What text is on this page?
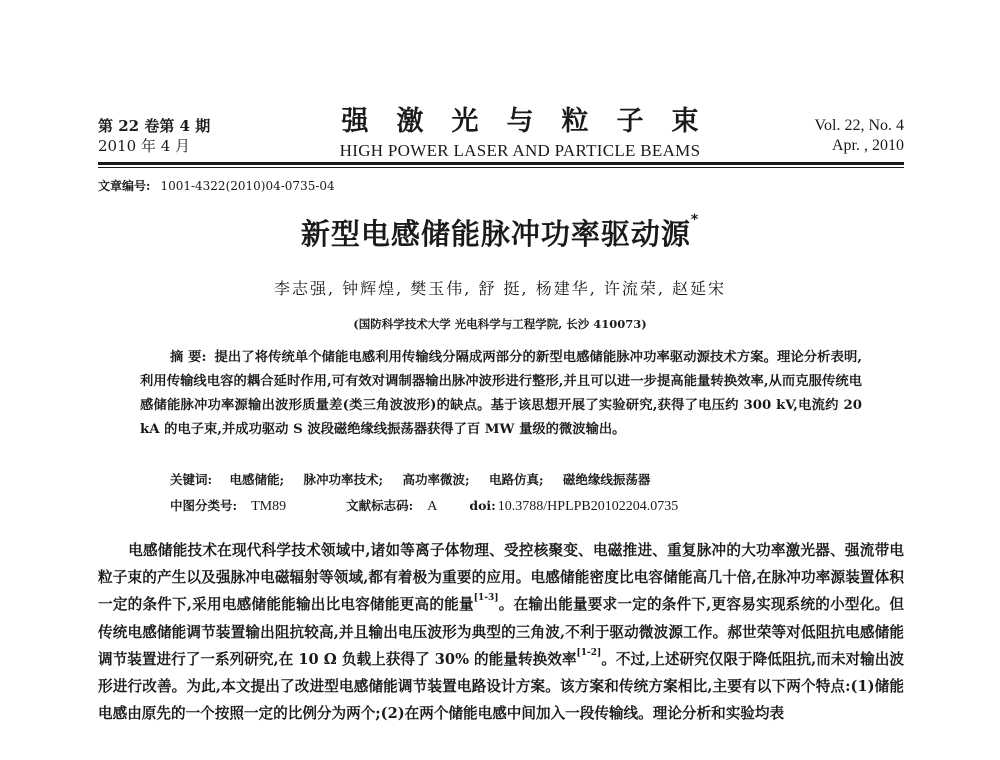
第 22 卷第 4 期
2010 年 4 月
强激光与粒子束
HIGH POWER LASER AND PARTICLE BEAMS
Vol. 22, No. 4
Apr. , 2010
文章编号: 1001-4322(2010)04-0735-04
新型电感储能脉冲功率驱动源*
李志强, 钟辉煌, 樊玉伟, 舒 挺, 杨建华, 许流荣, 赵延宋
(国防科学技术大学 光电科学与工程学院, 长沙 410073)
摘 要: 提出了将传统单个储能电感利用传输线分隔成两部分的新型电感储能脉冲功率驱动源技术方案。理论分析表明,利用传输线电容的耦合延时作用,可有效对调制器输出脉冲波形进行整形,并且可以进一步提高能量转换效率,从而克服传统电感储能脉冲功率源输出波形质量差(类三角波波形)的缺点。基于该思想开展了实验研究,获得了电压约 300 kV,电流约 20 kA 的电子束,并成功驱动 S 波段磁绝缘线振荡器获得了百 MW 量级的微波输出。
关键词: 电感储能; 脉冲功率技术; 高功率微波; 电路仿真; 磁绝缘线振荡器
中图分类号: TM89	文献标志码: A	doi: 10.3788/HPLPB20102204.0735
电感储能技术在现代科学技术领域中,诸如等离子体物理、受控核聚变、电磁推进、重复脉冲的大功率激光器、强流带电粒子束的产生以及强脉冲电磁辐射等领域,都有着极为重要的应用。电感储能密度比电容储能高几十倍,在脉冲功率源装置体积一定的条件下,采用电感储能能输出比电容储能更高的能量[1-3]。在输出能量要求一定的条件下,更容易实现系统的小型化。但传统电感储能调节装置输出阻抗较高,并且输出电压波形为典型的三角波,不利于驱动微波源工作。郝世荣等对低阻抗电感储能调节装置进行了一系列研究,在 10 Ω 负载上获得了 30% 的能量转换效率[1-2]。不过,上述研究仅限于降低阻抗,而未对输出波形进行改善。为此,本文提出了改进型电感储能调节装置电路设计方案。该方案和传统方案相比,主要有以下两个特点:(1)储能电感由原先的一个按照一定的比例分为两个;(2)在两个储能电感中间加入一段传输线。理论分析和实验均表
